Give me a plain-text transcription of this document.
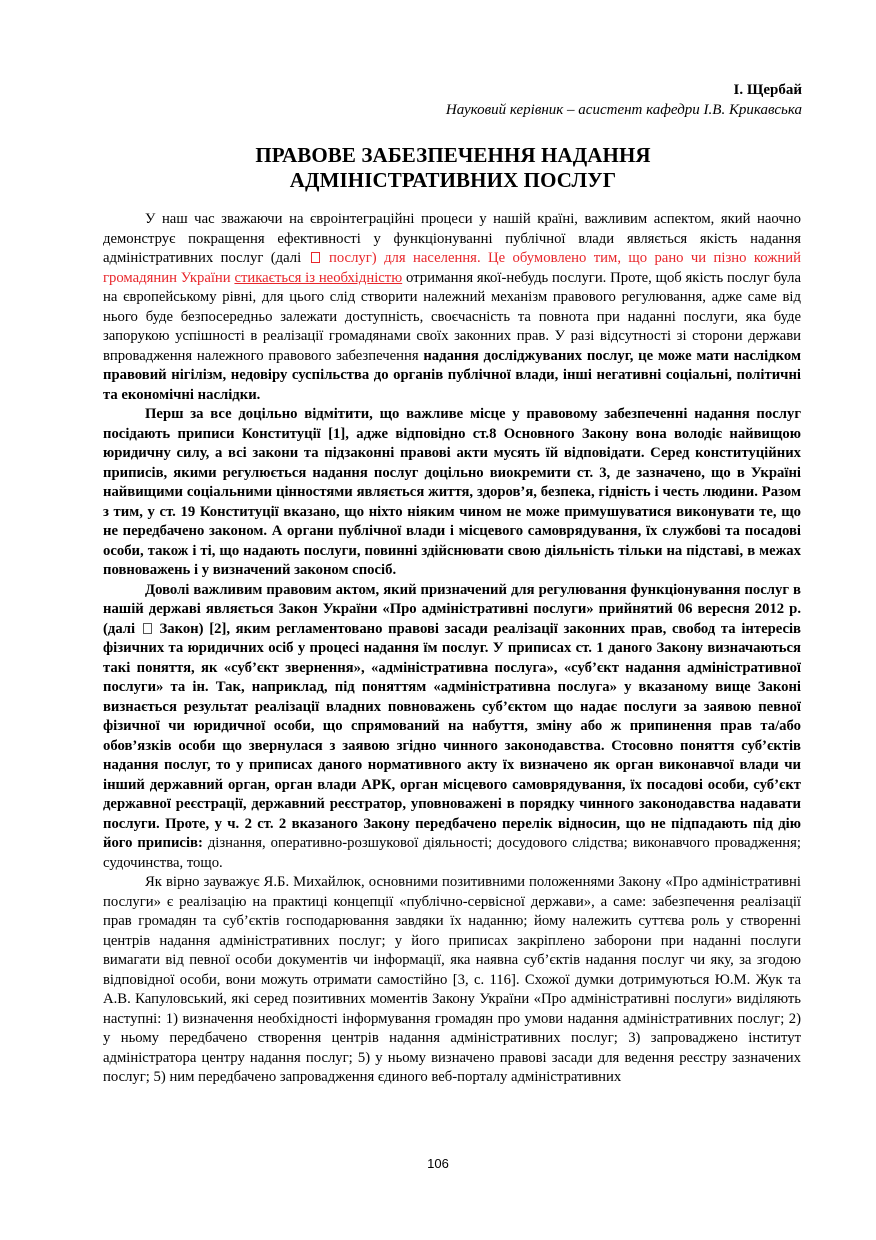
І. Щербай
Науковий керівник – асистент кафедри І.В. Крикавська
ПРАВОВЕ ЗАБЕЗПЕЧЕННЯ НАДАННЯ
АДМІНІСТРАТИВНИХ ПОСЛУГ

У наш час зважаючи на євроінтеграційні процеси у нашій країні, важливим аспектом, який наочно демонструє покращення ефективності у функціонуванні публічної влади являється якість надання адміністративних послуг (далі  послуг) для населення. Це обумовлено тим, що рано чи пізно кожний громадянин України стикається із необхідністю отримання якої-небудь послуги. Проте, щоб якість послуг була на європейському рівні, для цього слід створити належний механізм правового регулювання, адже саме від нього буде безпосередньо залежати доступність, своєчасність та повнота при наданні послуги, яка буде запорукою успішності в реалізації громадянами своїх законних прав. У разі відсутності зі сторони держави впровадження належного правового забезпечення надання досліджуваних послуг, це може мати наслідком правовий нігілізм, недовіру суспільства до органів публічної влади, інші негативні соціальні, політичні та економічні наслідки.

Перш за все доцільно відмітити, що важливе місце у правовому забезпеченні надання послуг посідають приписи Конституції [1], адже відповідно ст.8 Основного Закону вона володіє найвищою юридичну силу, а всі закони та підзаконні правові акти мусять їй відповідати. Серед конституційних приписів, якими регулюється надання послуг доцільно виокремити ст. 3, де зазначено, що в Україні найвищими соціальними цінностями являється життя, здоров’я, безпека, гідність і честь людини. Разом з тим, у ст. 19 Конституції вказано, що ніхто ніяким чином не може примушуватися виконувати те, що не передбачено законом. А органи публічної влади і місцевого самоврядування, їх службові та посадові особи, також і ті, що надають послуги, повинні здійснювати свою діяльність тільки на підставі, в межах повноважень і у визначений законом спосіб.

Доволі важливим правовим актом, який призначений для регулювання функціонування послуг в нашій державі являється Закон України «Про адміністративні послуги» прийнятий 06 вересня 2012 р. (далі  Закон) [2], яким регламентовано правові засади реалізації законних прав, свобод та інтересів фізичних та юридичних осіб у процесі надання їм послуг. У приписах ст. 1 даного Закону визначаються такі поняття, як «суб’єкт звернення», «адміністративна послуга», «суб’єкт надання адміністративної послуги» та ін. Так, наприклад, під поняттям «адміністративна послуга» у вказаному вище Законі визнається результат реалізації владних повноважень суб’єктом що надає послуги за заявою певної фізичної чи юридичної особи, що спрямований на набуття, зміну або ж припинення прав та/або обов’язків особи що звернулася з заявою згідно чинного законодавства. Стосовно поняття суб’єктів надання послуг, то у приписах даного нормативного акту їх визначено як орган виконавчої влади чи інший державний орган, орган влади АРК, орган місцевого самоврядування, їх посадові особи, суб’єкт державної реєстрації, державний реєстратор, уповноважені в порядку чинного законодавства надавати послуги. Проте, у ч. 2 ст. 2 вказаного Закону передбачено перелік відносин, що не підпадають під дію його приписів: дізнання, оперативно-розшукової діяльності; досудового слідства; виконавчого провадження; судочинства, тощо.

Як вірно зауважує Я.Б. Михайлюк, основними позитивними положеннями Закону «Про адміністративні послуги» є реалізацію на практиці концепції «публічно-сервісної держави», а саме: забезпечення реалізації прав громадян та суб’єктів господарювання завдяки їх наданню; йому належить суттєва роль у створенні центрів надання адміністративних послуг; у його приписах закріплено заборони при наданні послуги вимагати від певної особи документів чи інформації, яка наявна суб’єктів надання послуг чи яку, за згодою відповідної особи, вони можуть отримати самостійно [3, с. 116]. Схожої думки дотримуються Ю.М. Жук та А.В. Капуловський, які серед позитивних моментів Закону України «Про адміністративні послуги» виділяють наступні: 1) визначення необхідності інформування громадян про умови надання адміністративних послуг; 2) у ньому передбачено створення центрів надання адміністративних послуг; 3) запроваджено інститут адміністратора центру надання послуг; 5) у ньому визначено правові засади для ведення реєстру зазначених послуг; 5) ним передбачено запровадження єдиного веб-порталу адміністративних

106
